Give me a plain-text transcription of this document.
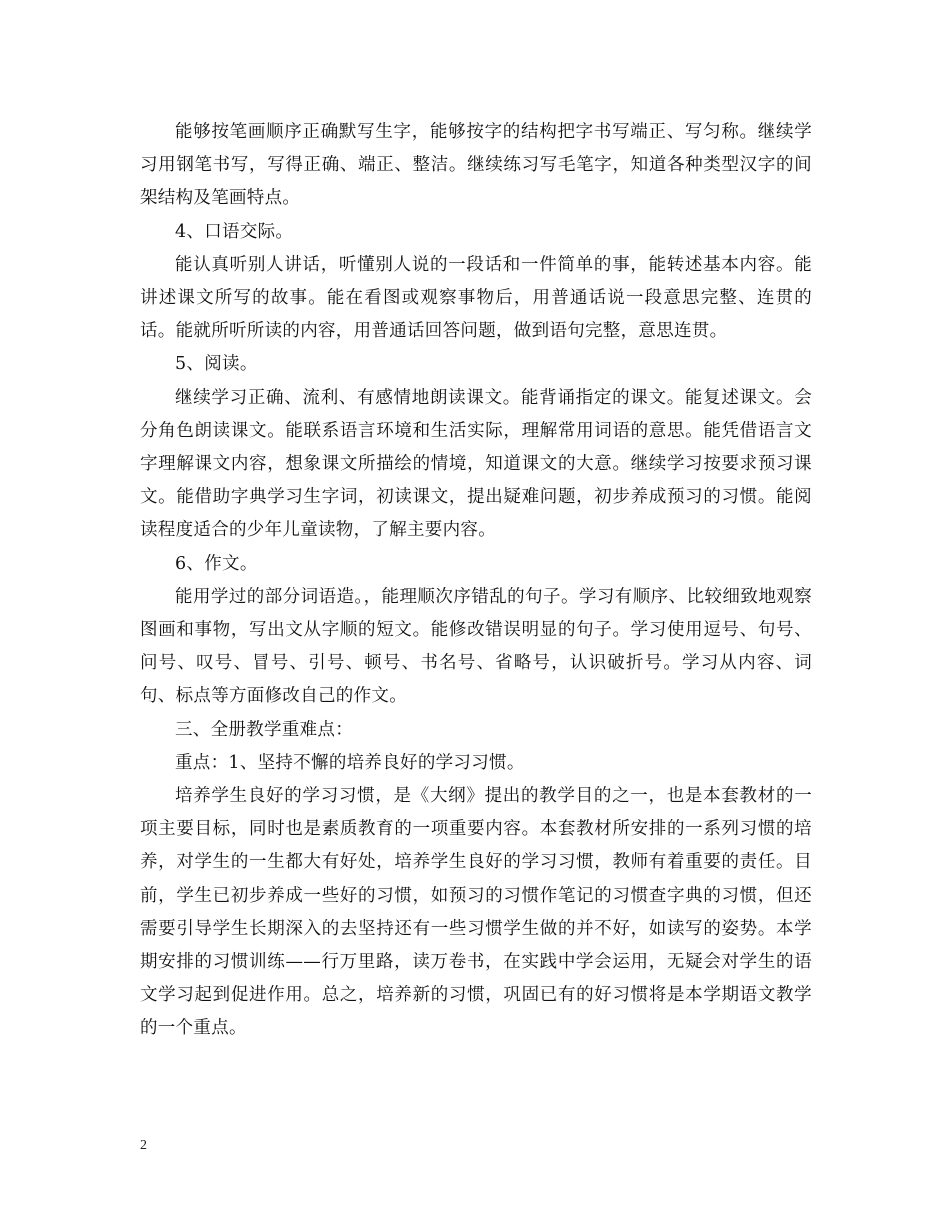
能够按笔画顺序正确默写生字，能够按字的结构把字书写端正、写匀称。继续学习用钢笔书写，写得正确、端正、整洁。继续练习写毛笔字，知道各种类型汉字的间架结构及笔画特点。

4、口语交际。

能认真听别人讲话，听懂别人说的一段话和一件简单的事，能转述基本内容。能讲述课文所写的故事。能在看图或观察事物后，用普通话说一段意思完整、连贯的话。能就所听所读的内容，用普通话回答问题，做到语句完整，意思连贯。

5、阅读。

继续学习正确、流利、有感情地朗读课文。能背诵指定的课文。能复述课文。会分角色朗读课文。能联系语言环境和生活实际，理解常用词语的意思。能凭借语言文字理解课文内容，想象课文所描绘的情境，知道课文的大意。继续学习按要求预习课文。能借助字典学习生字词，初读课文，提出疑难问题，初步养成预习的习惯。能阅读程度适合的少年儿童读物，了解主要内容。

6、作文。

能用学过的部分词语造。，能理顺次序错乱的句子。学习有顺序、比较细致地观察图画和事物，写出文从字顺的短文。能修改错误明显的句子。学习使用逗号、句号、问号、叹号、冒号、引号、顿号、书名号、省略号，认识破折号。学习从内容、词句、标点等方面修改自己的作文。

三、全册教学重难点：

重点：1、坚持不懈的培养良好的学习习惯。

培养学生良好的学习习惯，是《大纲》提出的教学目的之一，也是本套教材的一项主要目标，同时也是素质教育的一项重要内容。本套教材所安排的一系列习惯的培养，对学生的一生都大有好处，培养学生良好的学习习惯，教师有着重要的责任。目前，学生已初步养成一些好的习惯，如预习的习惯作笔记的习惯查字典的习惯，但还需要引导学生长期深入的去坚持还有一些习惯学生做的并不好，如读写的姿势。本学期安排的习惯训练——行万里路，读万卷书，在实践中学会运用，无疑会对学生的语文学习起到促进作用。总之，培养新的习惯，巩固已有的好习惯将是本学期语文教学的一个重点。

2
